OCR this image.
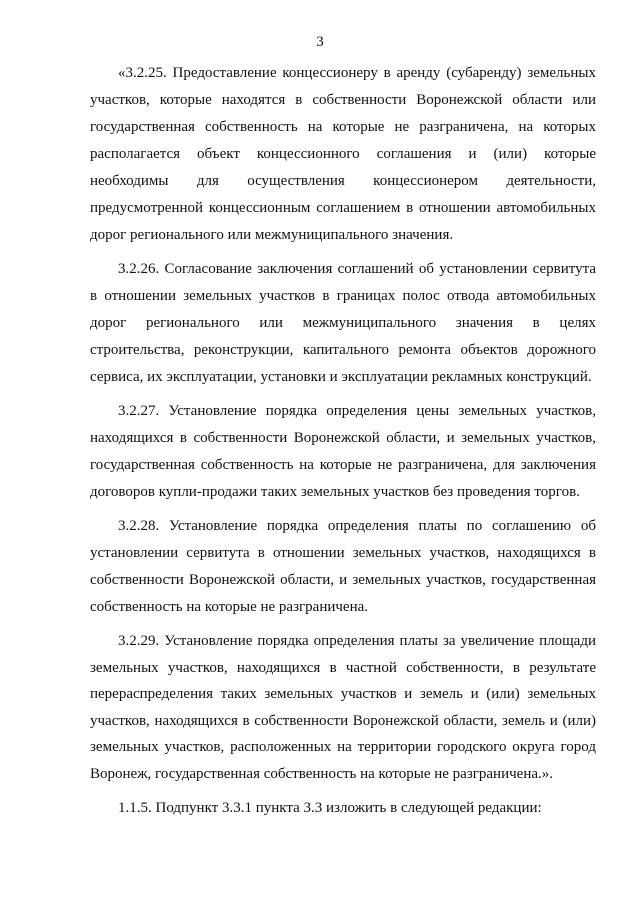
3

«3.2.25. Предоставление концессионеру в аренду (субаренду) земельных участков, которые находятся в собственности Воронежской области или государственная собственность на которые не разграничена, на которых располагается объект концессионного соглашения и (или) которые необходимы для осуществления концессионером деятельности, предусмотренной концессионным соглашением в отношении автомобильных дорог регионального или межмуниципального значения.

3.2.26. Согласование заключения соглашений об установлении сервитута в отношении земельных участков в границах полос отвода автомобильных дорог регионального или межмуниципального значения в целях строительства, реконструкции, капитального ремонта объектов дорожного сервиса, их эксплуатации, установки и эксплуатации рекламных конструкций.

3.2.27. Установление порядка определения цены земельных участков, находящихся в собственности Воронежской области, и земельных участков, государственная собственность на которые не разграничена, для заключения договоров купли-продажи таких земельных участков без проведения торгов.

3.2.28. Установление порядка определения платы по соглашению об установлении сервитута в отношении земельных участков, находящихся в собственности Воронежской области, и земельных участков, государственная собственность на которые не разграничена.

3.2.29. Установление порядка определения платы за увеличение площади земельных участков, находящихся в частной собственности, в результате перераспределения таких земельных участков и земель и (или) земельных участков, находящихся в собственности Воронежской области, земель и (или) земельных участков, расположенных на территории городского округа город Воронеж, государственная собственность на которые не разграничена.».

1.1.5. Подпункт 3.3.1 пункта 3.3 изложить в следующей редакции:
